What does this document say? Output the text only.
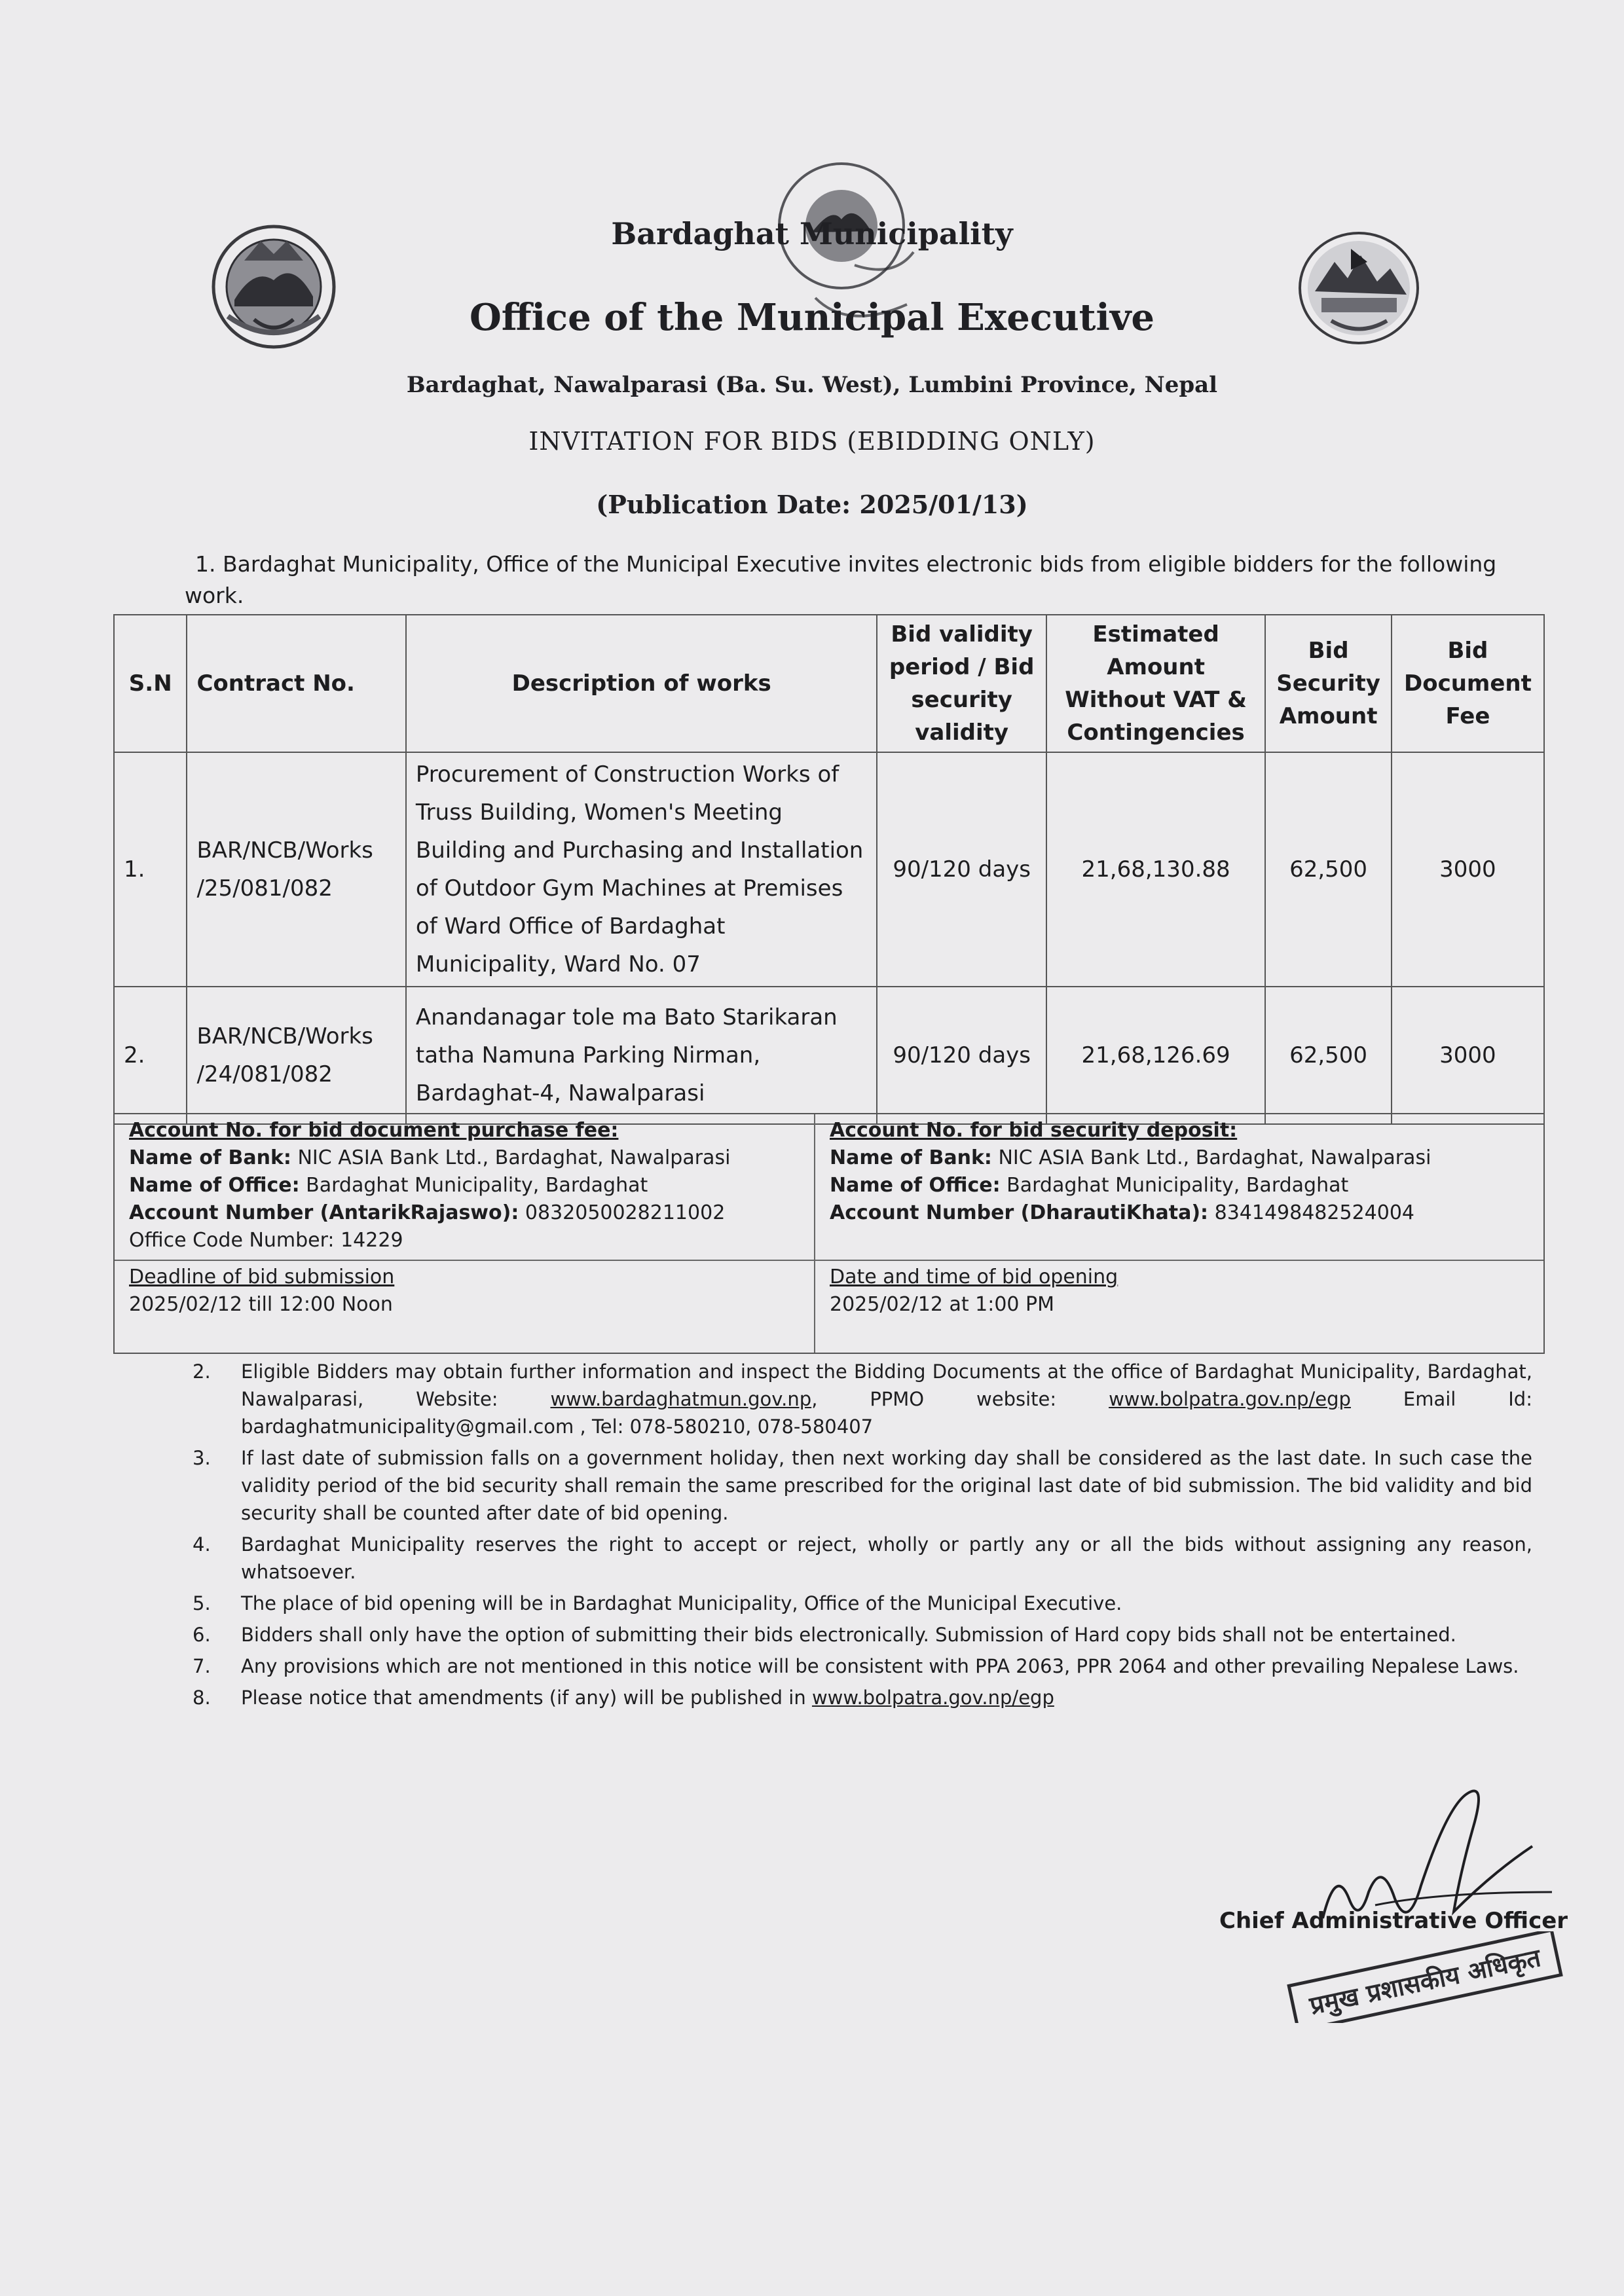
Bardaghat Municipality
Office of the Municipal Executive
Bardaghat, Nawalparasi (Ba. Su. West), Lumbini Province, Nepal
INVITATION FOR BIDS (EBIDDING ONLY)
(Publication Date: 2025/01/13)
1. Bardaghat Municipality, Office of the Municipal Executive invites electronic bids from eligible bidders for the following work.
S.N	Contract No.	Description of works	Bid validity period / Bid security validity	Estimated Amount Without VAT & Contingencies	Bid Security Amount	Bid Document Fee
1.	BAR/NCB/Works /25/081/082	Procurement of Construction Works of Truss Building, Women's Meeting Building and Purchasing and Installation of Outdoor Gym Machines at Premises of Ward Office of Bardaghat Municipality, Ward No. 07	90/120 days	21,68,130.88	62,500	3000
2.	BAR/NCB/Works /24/081/082	Anandanagar tole ma Bato Starikaran tatha Namuna Parking Nirman, Bardaghat-4, Nawalparasi	90/120 days	21,68,126.69	62,500	3000
Account No. for bid document purchase fee:
Name of Bank: NIC ASIA Bank Ltd., Bardaghat, Nawalparasi
Name of Office: Bardaghat Municipality, Bardaghat
Account Number (AntarikRajaswo): 0832050028211002
Office Code Number: 14229
Account No. for bid security deposit:
Name of Bank: NIC ASIA Bank Ltd., Bardaghat, Nawalparasi
Name of Office: Bardaghat Municipality, Bardaghat
Account Number (DharautiKhata): 8341498482524004
Deadline of bid submission
2025/02/12 till 12:00 Noon
Date and time of bid opening
2025/02/12 at 1:00 PM
2. Eligible Bidders may obtain further information and inspect the Bidding Documents at the office of Bardaghat Municipality, Bardaghat, Nawalparasi, Website: www.bardaghatmun.gov.np, PPMO website: www.bolpatra.gov.np/egp Email Id: bardaghatmunicipality@gmail.com , Tel: 078-580210, 078-580407
3. If last date of submission falls on a government holiday, then next working day shall be considered as the last date. In such case the validity period of the bid security shall remain the same prescribed for the original last date of bid submission. The bid validity and bid security shall be counted after date of bid opening.
4. Bardaghat Municipality reserves the right to accept or reject, wholly or partly any or all the bids without assigning any reason, whatsoever.
5. The place of bid opening will be in Bardaghat Municipality, Office of the Municipal Executive.
6. Bidders shall only have the option of submitting their bids electronically. Submission of Hard copy bids shall not be entertained.
7. Any provisions which are not mentioned in this notice will be consistent with PPA 2063, PPR 2064 and other prevailing Nepalese Laws.
8. Please notice that amendments (if any) will be published in www.bolpatra.gov.np/egp
Chief Administrative Officer
प्रमुख प्रशासकीय अधिकृत
